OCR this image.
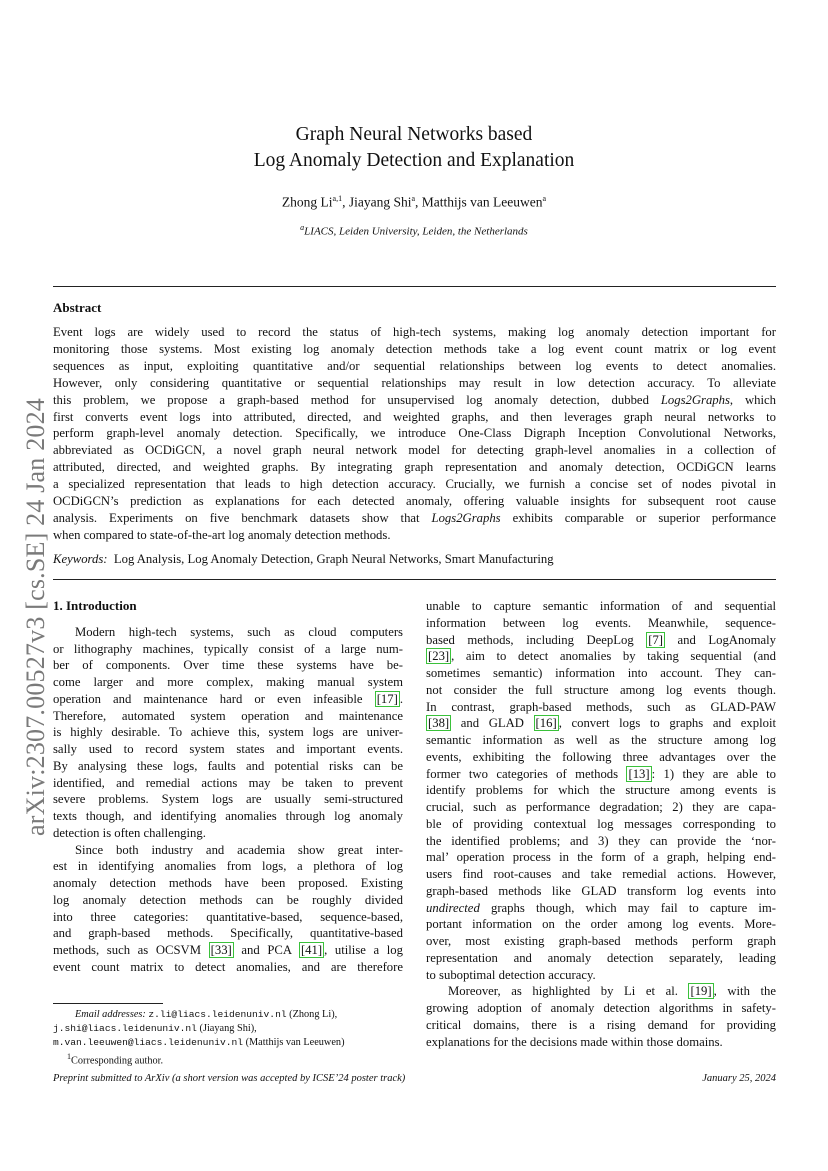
arXiv:2307.00527v3 [cs.SE] 24 Jan 2024
Graph Neural Networks based
Log Anomaly Detection and Explanation
Zhong Li$^{a,1}$, Jiayang Shi$^a$, Matthijs van Leeuwen$^a$
$^a$LIACS, Leiden University, Leiden, the Netherlands
Abstract
Event logs are widely used to record the status of high-tech systems, making log anomaly detection important for
monitoring those systems. Most existing log anomaly detection methods take a log event count matrix or log event
sequences as input, exploiting quantitative and/or sequential relationships between log events to detect anomalies.
However, only considering quantitative or sequential relationships may result in low detection accuracy. To alleviate
this problem, we propose a graph-based method for unsupervised log anomaly detection, dubbed Logs2Graphs, which
first converts event logs into attributed, directed, and weighted graphs, and then leverages graph neural networks to
perform graph-level anomaly detection. Specifically, we introduce One-Class Digraph Inception Convolutional Networks,
abbreviated as OCDiGCN, a novel graph neural network model for detecting graph-level anomalies in a collection of
attributed, directed, and weighted graphs. By integrating graph representation and anomaly detection, OCDiGCN learns
a specialized representation that leads to high detection accuracy. Crucially, we furnish a concise set of nodes pivotal in
OCDiGCN’s prediction as explanations for each detected anomaly, offering valuable insights for subsequent root cause
analysis. Experiments on five benchmark datasets show that Logs2Graphs exhibits comparable or superior performance
when compared to state-of-the-art log anomaly detection methods.
Keywords: Log Analysis, Log Anomaly Detection, Graph Neural Networks, Smart Manufacturing
1. Introduction
Modern high-tech systems, such as cloud computers
or lithography machines, typically consist of a large num-
ber of components. Over time these systems have be-
come larger and more complex, making manual system
operation and maintenance hard or even infeasible [17] .
Therefore, automated system operation and maintenance
is highly desirable. To achieve this, system logs are univer-
sally used to record system states and important events.
By analysing these logs, faults and potential risks can be
identified, and remedial actions may be taken to prevent
severe problems. System logs are usually semi-structured
texts though, and identifying anomalies through log anomaly
detection is often challenging.
Since both industry and academia show great inter-
est in identifying anomalies from logs, a plethora of log
anomaly detection methods have been proposed. Existing
log anomaly detection methods can be roughly divided
into three categories: quantitative-based, sequence-based,
and graph-based methods. Specifically, quantitative-based
methods, such as OCSVM [33] and PCA [41] , utilise a log
event count matrix to detect anomalies, and are therefore
unable to capture semantic information of and sequential
information between log events. Meanwhile, sequence-
based methods, including DeepLog [7] and LogAnomaly
[23] , aim to detect anomalies by taking sequential (and
sometimes semantic) information into account. They can-
not consider the full structure among log events though.
In contrast, graph-based methods, such as GLAD-PAW
[38] and GLAD [16] , convert logs to graphs and exploit
semantic information as well as the structure among log
events, exhibiting the following three advantages over the
former two categories of methods [13] : 1) they are able to
identify problems for which the structure among events is
crucial, such as performance degradation; 2) they are capa-
ble of providing contextual log messages corresponding to
the identified problems; and 3) they can provide the ‘nor-
mal’ operation process in the form of a graph, helping end-
users find root-causes and take remedial actions. However,
graph-based methods like GLAD transform log events into
undirected graphs though, which may fail to capture im-
portant information on the order among log events. More-
over, most existing graph-based methods perform graph
representation and anomaly detection separately, leading
to suboptimal detection accuracy.
Moreover, as highlighted by Li et al. [19] , with the
growing adoption of anomaly detection algorithms in safety-
critical domains, there is a rising demand for providing
explanations for the decisions made within those domains.
Email addresses: z.li@liacs.leidenuniv.nl (Zhong Li),
j.shi@liacs.leidenuniv.nl (Jiayang Shi),
m.van.leeuwen@liacs.leidenuniv.nl (Matthijs van Leeuwen)
$^1$Corresponding author.
Preprint submitted to ArXiv (a short version was accepted by ICSE’24 poster track)	January 25, 2024
